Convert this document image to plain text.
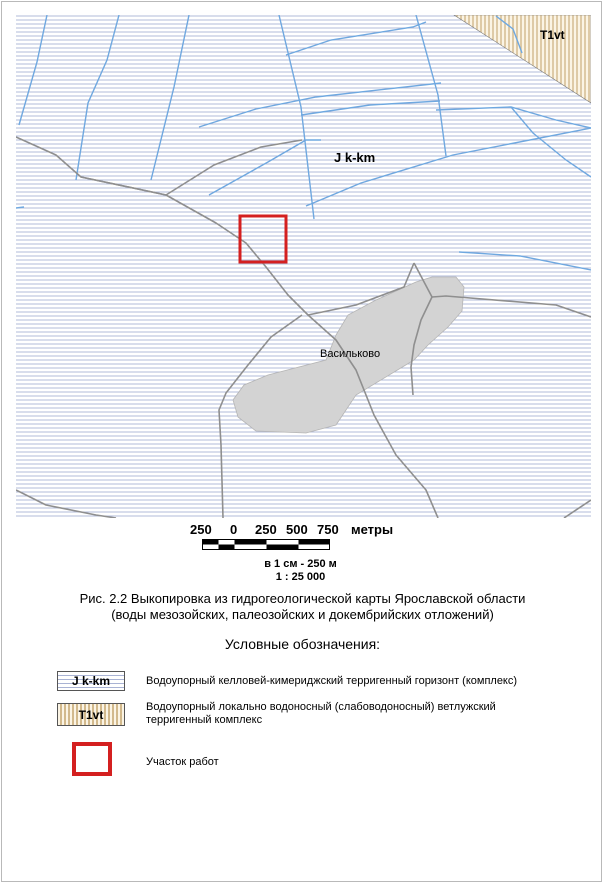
J k-km
T1vt
Васильково
250 0 250 500 750 метры
в 1 см - 250 м
1 : 25 000
Рис. 2.2 Выкопировка из гидрогеологической карты Ярославской области
(воды мезозойских, палеозойских и докембрийских отложений)
Условные обозначения:
J k-km	Водоупорный келловей-кимериджский терригенный горизонт (комплекс)
T1vt
Водоупорный локально водоносный (слабоводоносный) ветлужский терригенный комплекс
Участок работ
